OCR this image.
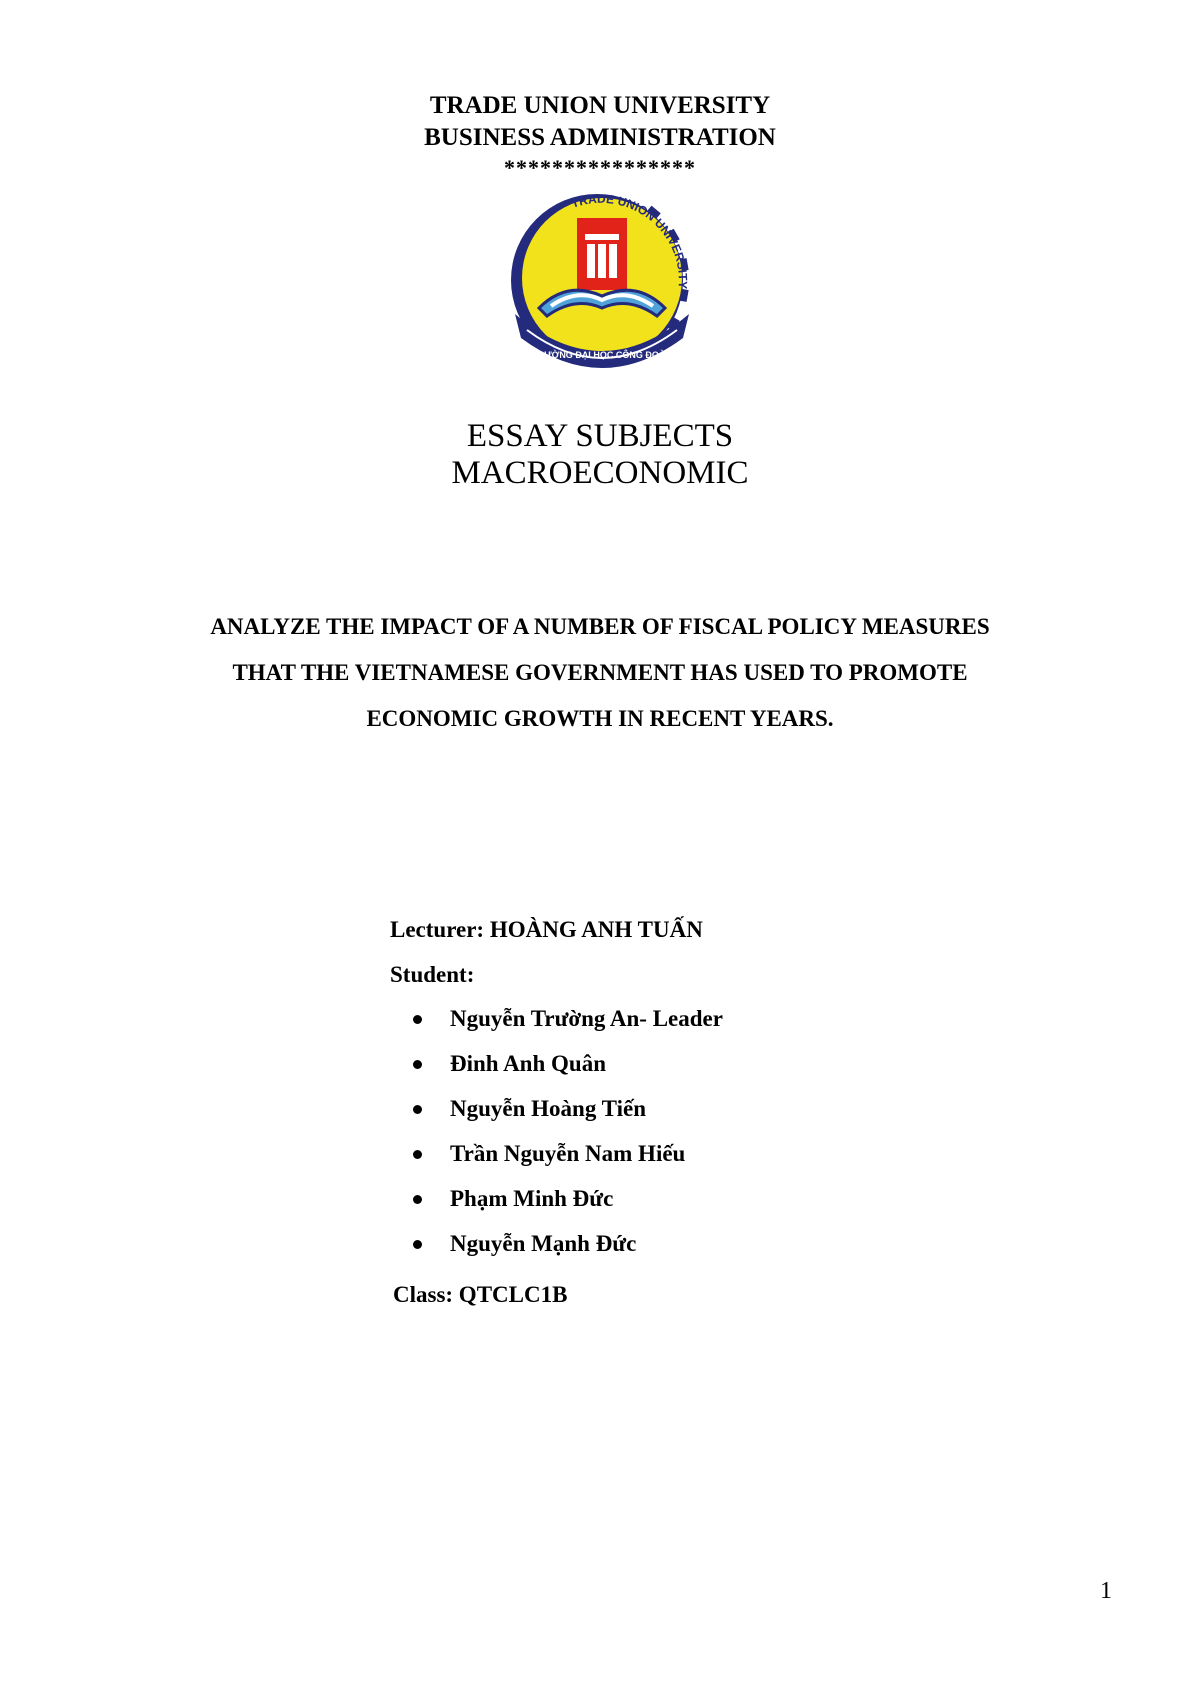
TRADE UNION UNIVERSITY
BUSINESS ADMINISTRATION
****************
TRADE UNION UNIVERSITY
TRƯỜNG ĐẠI HỌC CÔNG ĐOÀN
ESSAY SUBJECTS
MACROECONOMIC
ANALYZE THE IMPACT OF A NUMBER OF FISCAL POLICY MEASURES
THAT THE VIETNAMESE GOVERNMENT HAS USED TO PROMOTE
ECONOMIC GROWTH IN RECENT YEARS.
Lecturer: HOÀNG ANH TUẤN
Student:
Nguyễn Trường An- Leader
Đinh Anh Quân
Nguyễn Hoàng Tiến
Trần Nguyễn Nam Hiếu
Phạm Minh Đức
Nguyễn Mạnh Đức
Class: QTCLC1B
1
